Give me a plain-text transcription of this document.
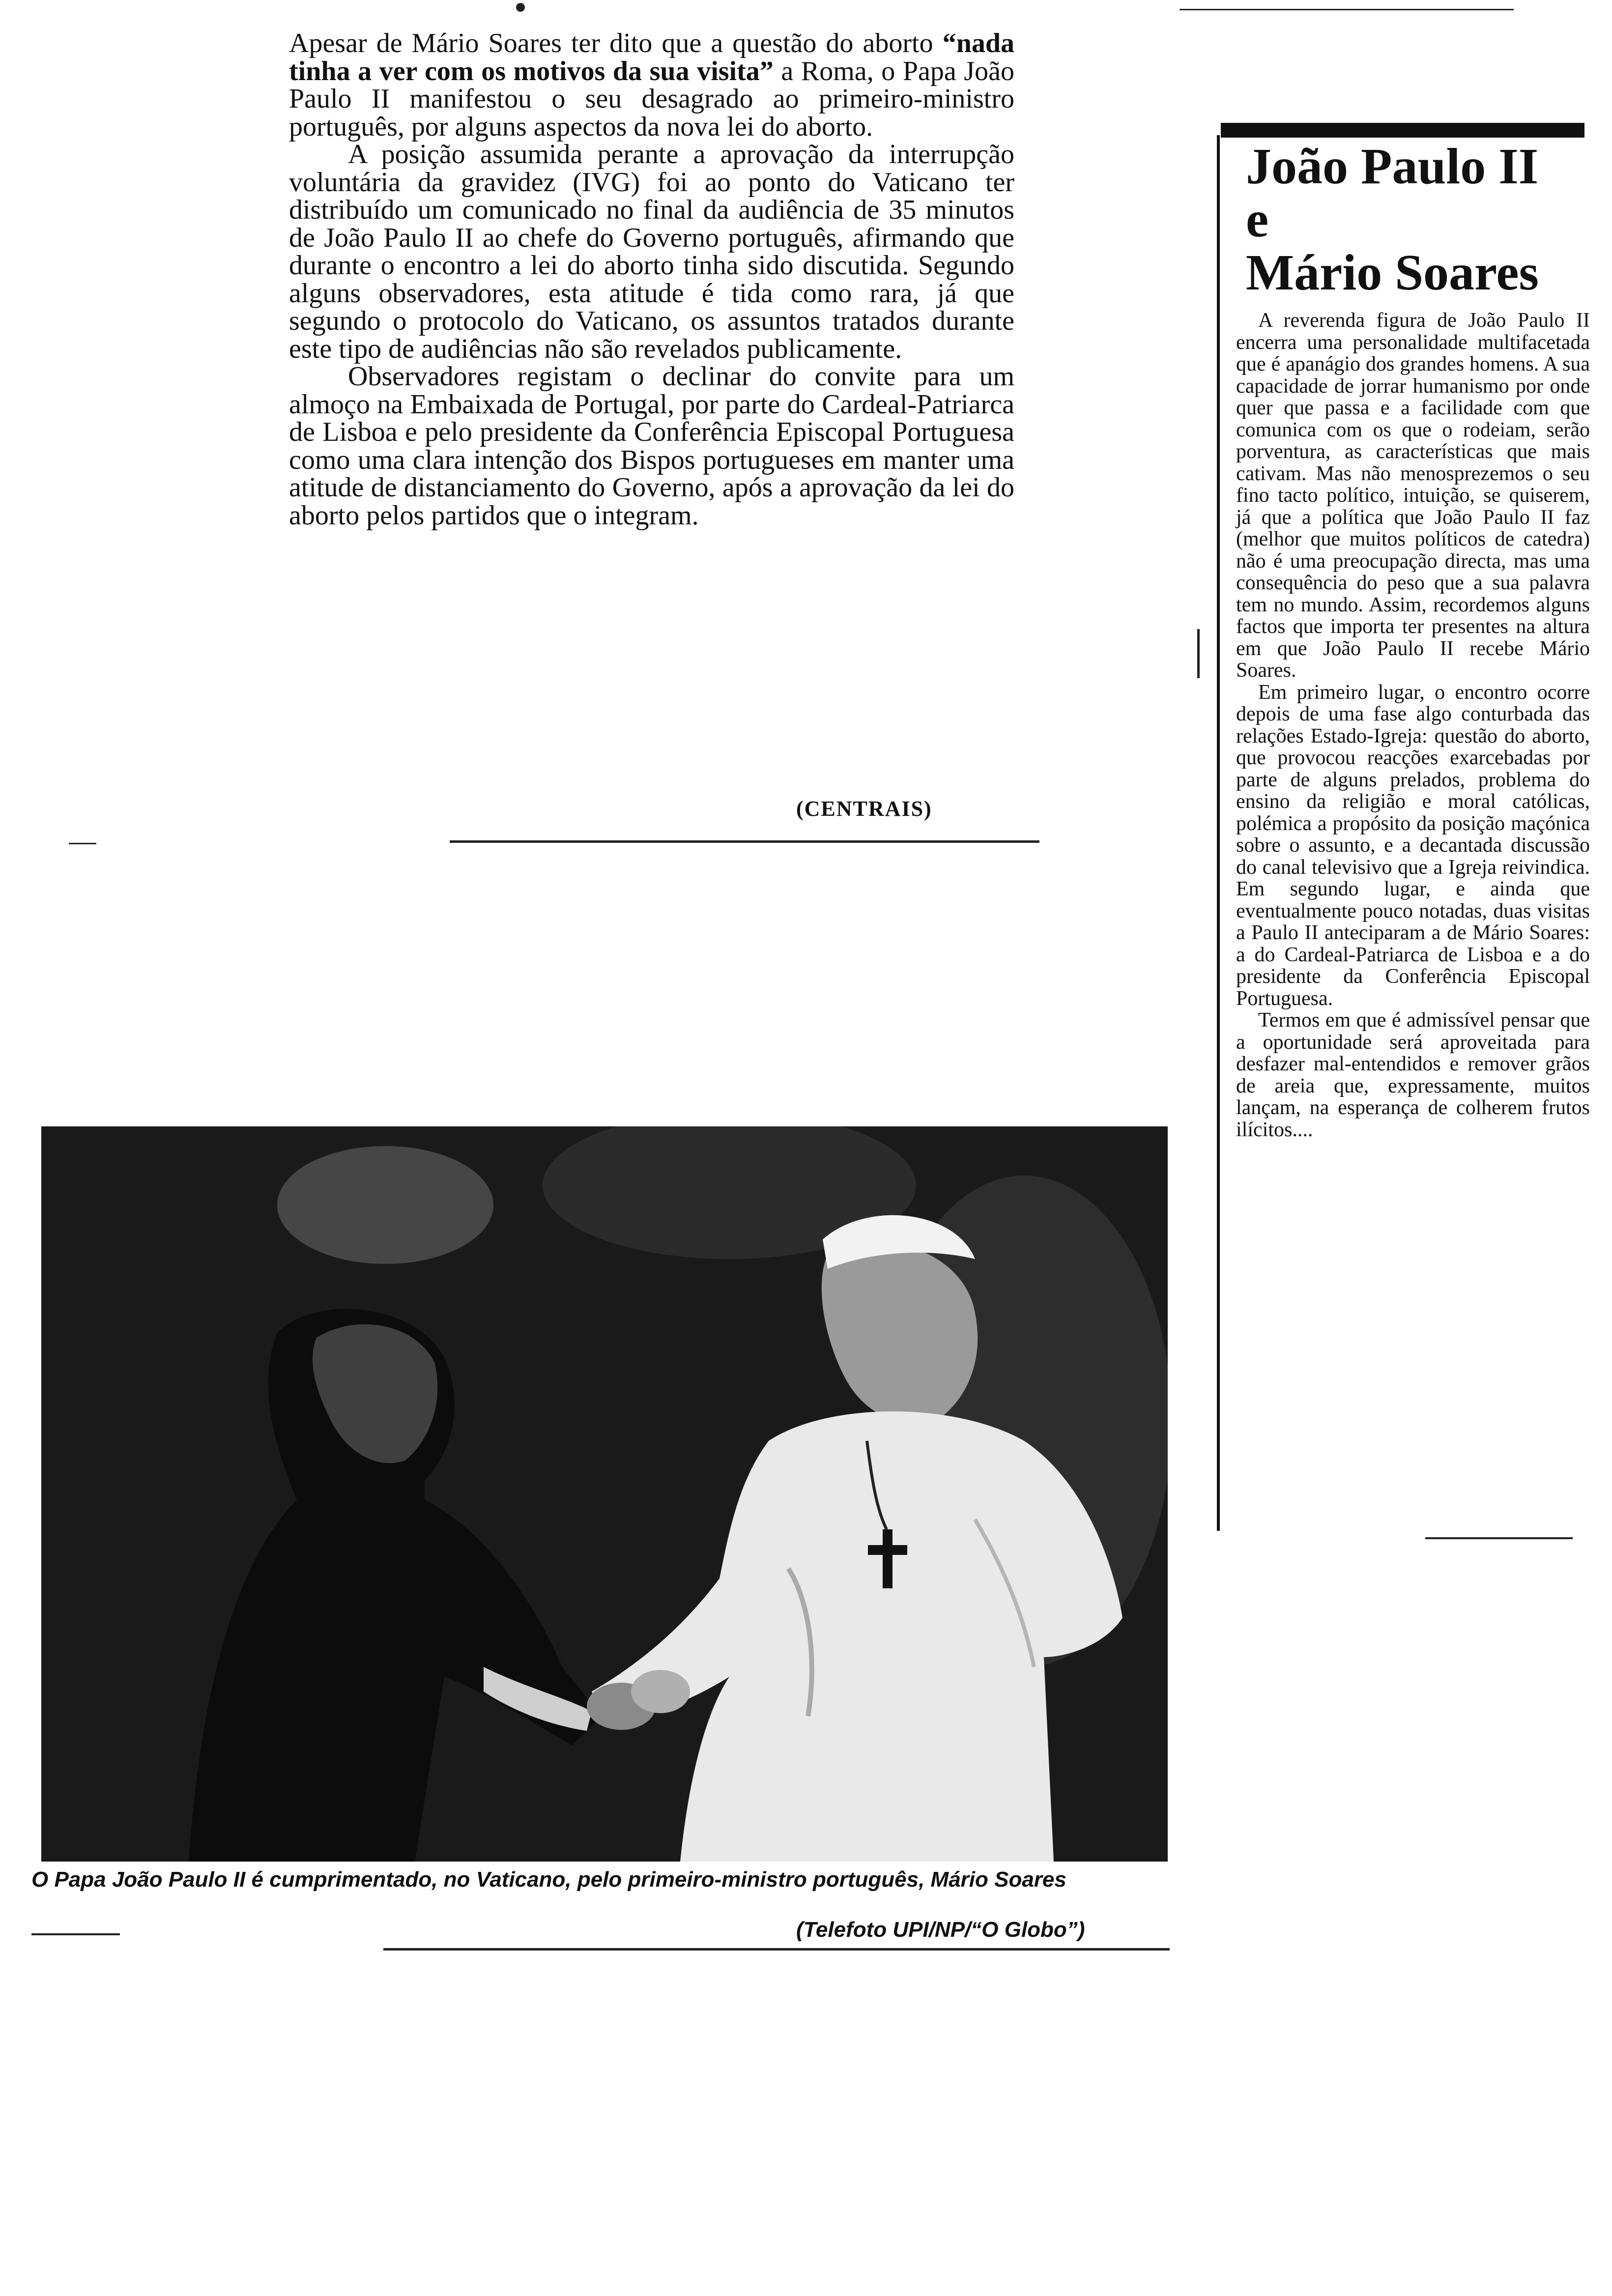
Apesar de Mário Soares ter dito que a questão do aborto “nada tinha a ver com os motivos da sua visita” a Roma, o Papa João Paulo II manifestou o seu desagrado ao primeiro-ministro português, por alguns aspectos da nova lei do aborto.

A posição assumida perante a aprovação da interrupção voluntária da gravidez (IVG) foi ao ponto do Vaticano ter distribuído um comunicado no final da audiência de 35 minutos de João Paulo II ao chefe do Governo português, afirmando que durante o encontro a lei do aborto tinha sido discutida. Segundo alguns observadores, esta atitude é tida como rara, já que segundo o protocolo do Vaticano, os assuntos tratados durante este tipo de audiências não são revelados publicamente.

Observadores registam o declinar do convite para um almoço na Embaixada de Portugal, por parte do Cardeal-Patriarca de Lisboa e pelo presidente da Conferência Episcopal Portuguesa como uma clara intenção dos Bispos portugueses em manter uma atitude de distanciamento do Governo, após a aprovação da lei do aborto pelos partidos que o integram.

(CENTRAIS)
João Paulo II
e
Mário Soares

A reverenda figura de João Paulo II encerra uma personalidade multifacetada que é apanágio dos grandes homens. A sua capacidade de jorrar humanismo por onde quer que passa e a facilidade com que comunica com os que o rodeiam, serão porventura, as características que mais cativam. Mas não menosprezemos o seu fino tacto político, intuição, se quiserem, já que a política que João Paulo II faz (melhor que muitos políticos de catedra) não é uma preocupação directa, mas uma consequência do peso que a sua palavra tem no mundo. Assim, recordemos alguns factos que importa ter presentes na altura em que João Paulo II recebe Mário Soares.

Em primeiro lugar, o encontro ocorre depois de uma fase algo conturbada das relações Estado-Igreja: questão do aborto, que provocou reacções exarcebadas por parte de alguns prelados, problema do ensino da religião e moral católicas, polémica a propósito da posição maçónica sobre o assunto, e a decantada discussão do canal televisivo que a Igreja reivindica. Em segundo lugar, e ainda que eventualmente pouco notadas, duas visitas a Paulo II anteciparam a de Mário Soares: a do Cardeal-Patriarca de Lisboa e a do presidente da Conferência Episcopal Portuguesa.

Termos em que é admissível pensar que a oportunidade será aproveitada para desfazer mal-entendidos e remover grãos de areia que, expressamente, muitos lançam, na esperança de colherem frutos ilícitos....

O Papa João Paulo II é cumprimentado, no Vaticano, pelo primeiro-ministro português, Mário Soares
(Telefoto UPI/NP/“O Globo”)
